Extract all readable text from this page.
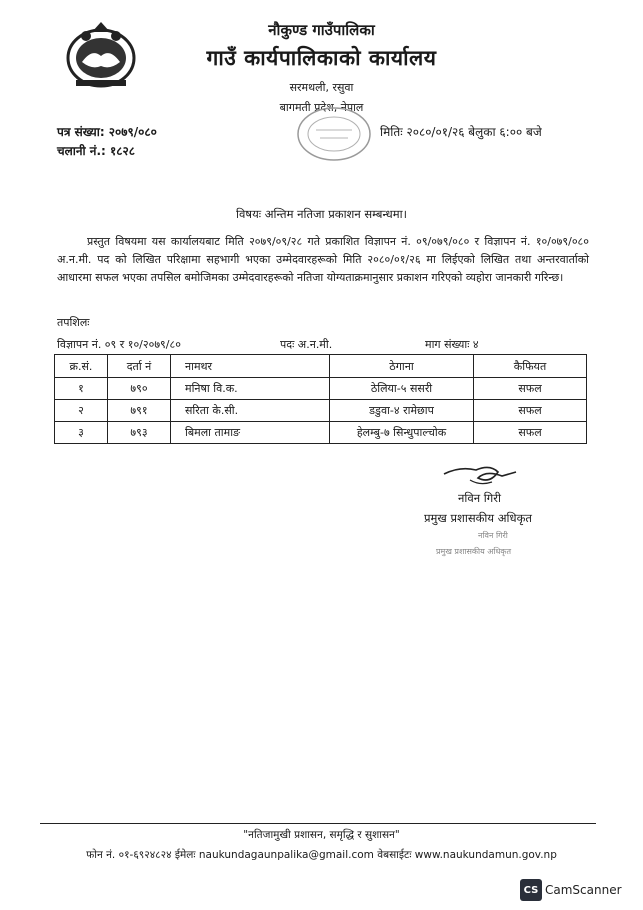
नौकुण्ड गाउँपालिका
गाउँ कार्यपालिकाको कार्यालय
सरमथली, रसुवा
बागमती प्रदेश, नेपाल
पत्र संख्या: २०७९/०८०
चलानी नं.: १८२८
मितिः २०८०/०१/२६ बेलुका ६:०० बजे
विषयः अन्तिम नतिजा प्रकाशन सम्बन्धमा।
प्रस्तुत विषयमा यस कार्यालयबाट मिति २०७९/०९/२८ गते प्रकाशित विज्ञापन नं. ०९/०७९/०८० र विज्ञापन नं. १०/०७९/०८० अ.न.मी. पद को लिखित परिक्षामा सहभागी भएका उम्मेदवारहरूको मिति २०८०/०१/२६ मा लिईएको लिखित तथा अन्तरवार्ताको आधारमा सफल भएका तपसिल बमोजिमका उम्मेदवारहरूको नतिजा योग्यताक्रमानुसार प्रकाशन गरिएको व्यहोरा जानकारी गरिन्छ।
तपशिलः
विज्ञापन नं. ०९ र १०/२०७९/८०	पदः अ.न.मी.	माग संख्याः ४
क्र.सं.	दर्ता नं	नामथर	ठेगाना	कैफियत
१	७९०	मनिषा वि.क.	ठेलिया-५ ससरी	सफल
२	७९१	सरिता के.सी.	डडुवा-४ रामेछाप	सफल
३	७९३	बिमला तामाङ	हेलम्बु-७ सिन्धुपाल्चोक	सफल
नविन गिरी
प्रमुख प्रशासकीय अधिकृत
नविन गिरी
प्रमुख प्रशासकीय अधिकृत
"नतिजामुखी प्रशासन, समृद्धि र सुशासन"
फोन नं. ०१-६९२४८२४ ईमेलः naukundagaunpalika@gmail.com वेबसाईटः www.naukundamun.gov.np
CS CamScanner
